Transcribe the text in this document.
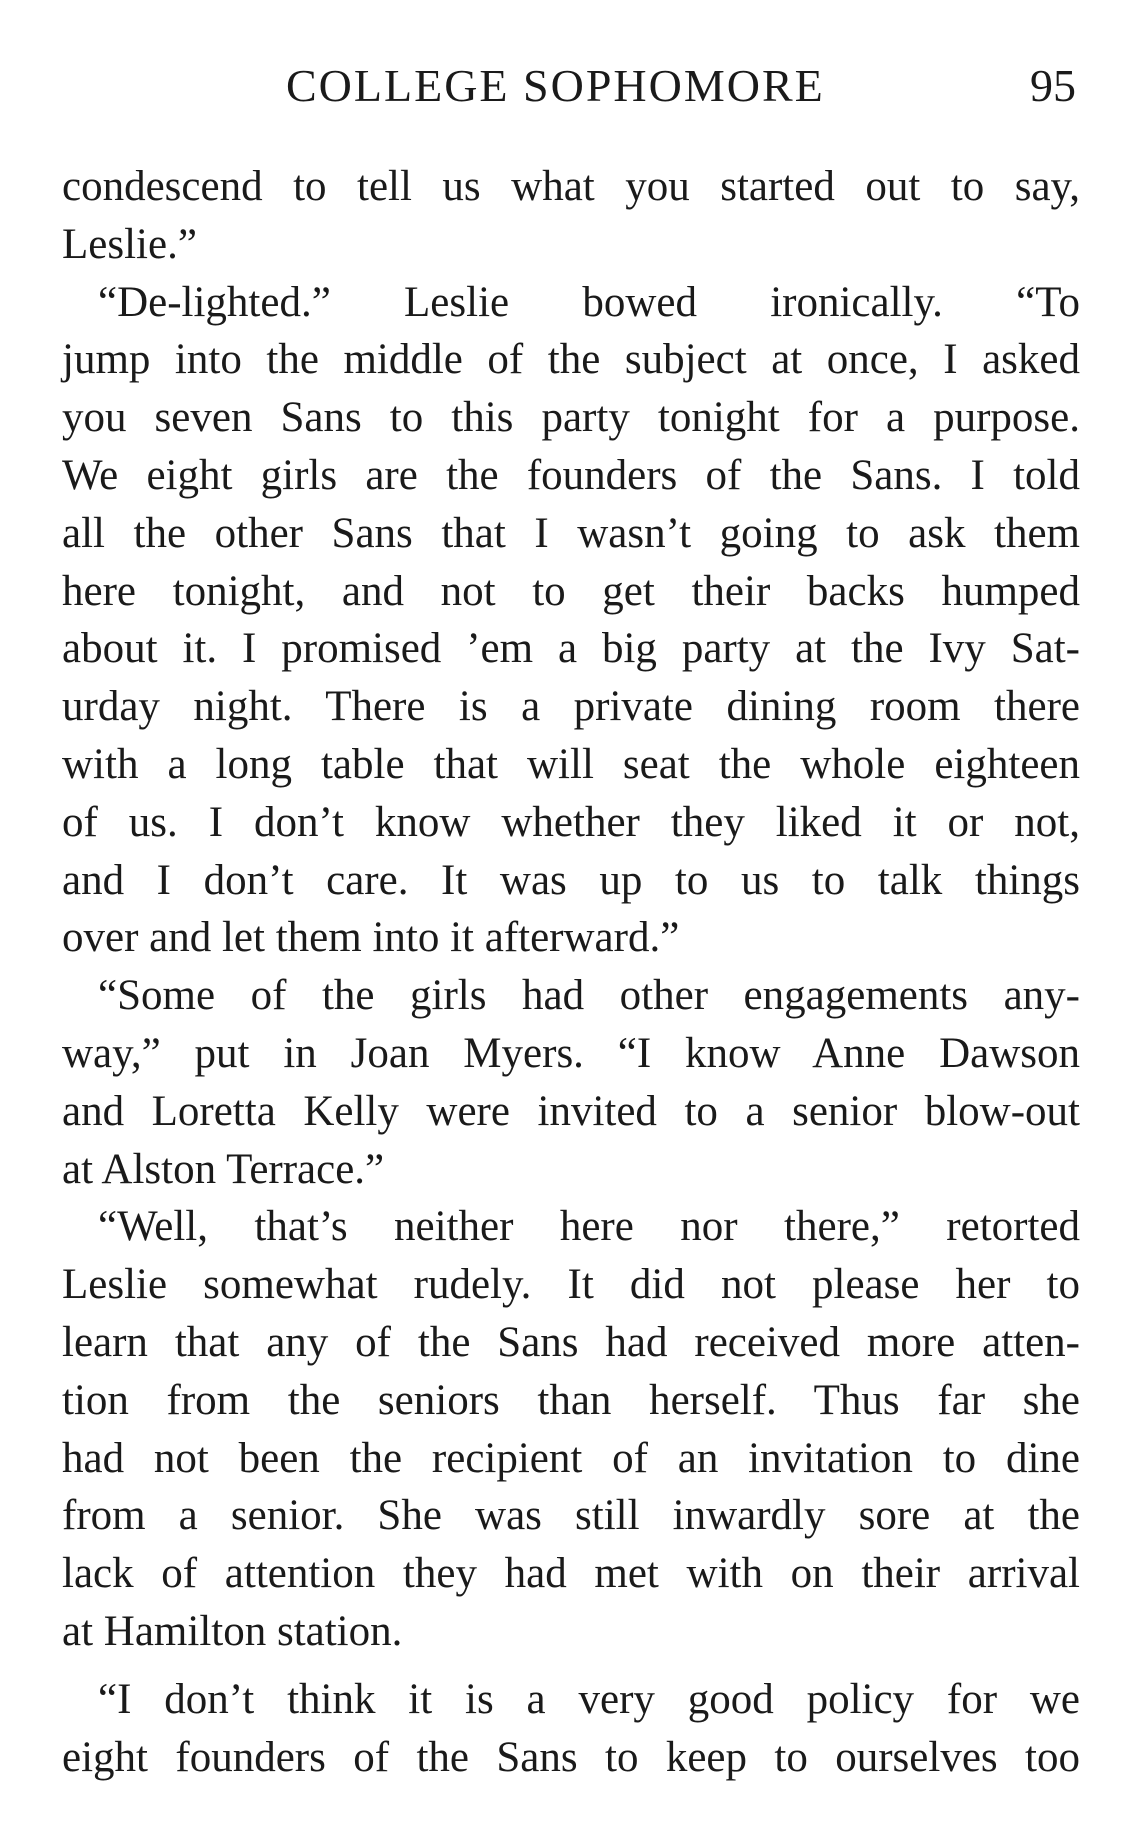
COLLEGE SOPHOMORE	95
condescend to tell us what you started out to say,
Leslie.”
“De-lighted.” Leslie bowed ironically. “To
jump into the middle of the subject at once, I asked
you seven Sans to this party tonight for a purpose.
We eight girls are the founders of the Sans. I told
all the other Sans that I wasn’t going to ask them
here tonight, and not to get their backs humped
about it. I promised ’em a big party at the Ivy Sat-
urday night. There is a private dining room there
with a long table that will seat the whole eighteen
of us. I don’t know whether they liked it or not,
and I don’t care. It was up to us to talk things
over and let them into it afterward.”
“Some of the girls had other engagements any-
way,” put in Joan Myers. “I know Anne Dawson
and Loretta Kelly were invited to a senior blow-out
at Alston Terrace.”
“Well, that’s neither here nor there,” retorted
Leslie somewhat rudely. It did not please her to
learn that any of the Sans had received more atten-
tion from the seniors than herself. Thus far she
had not been the recipient of an invitation to dine
from a senior. She was still inwardly sore at the
lack of attention they had met with on their arrival
at Hamilton station.
“I don’t think it is a very good policy for we
eight founders of the Sans to keep to ourselves too
